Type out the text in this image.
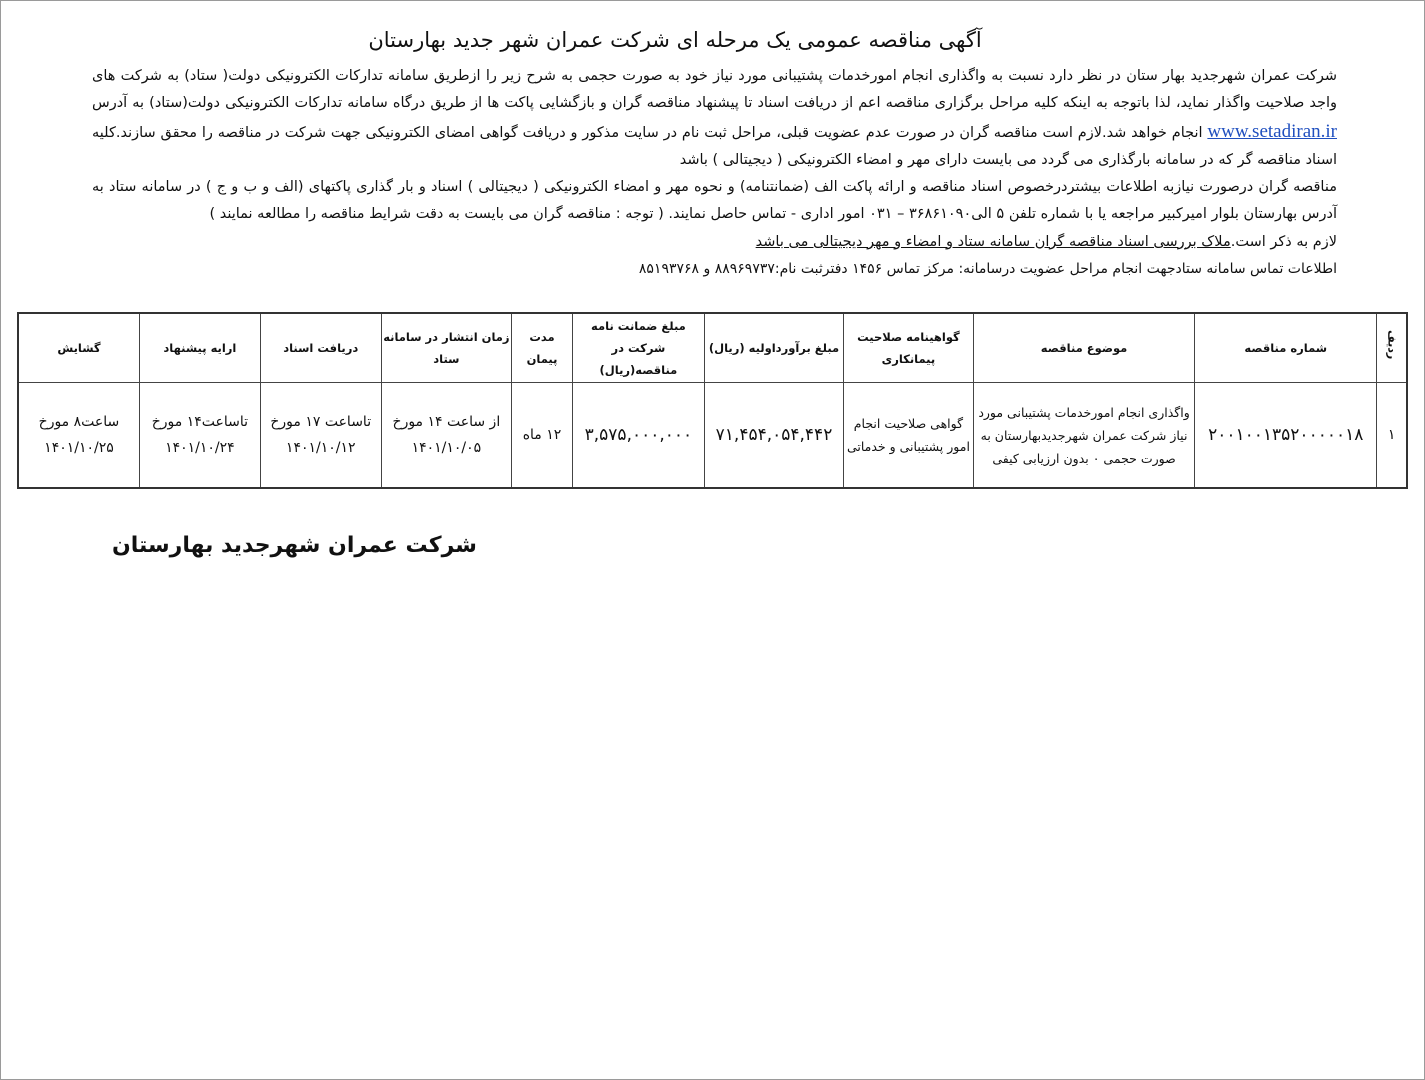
آگهی مناقصه عمومی یک مرحله ای شرکت عمران شهر جدید بهارستان

شرکت عمران شهرجدید بهار ستان در نظر دارد نسبت به واگذاری انجام امورخدمات پشتیبانی مورد نیاز خود به صورت حجمی به شرح زیر را ازطریق سامانه تدارکات الکترونیکی دولت( ستاد) به شرکت های واجد صلاحیت واگذار نماید، لذا باتوجه به اینکه کلیه مراحل برگزاری مناقصه اعم از دریافت اسناد تا پیشنهاد مناقصه گران و بازگشایی پاکت ها از طریق درگاه سامانه تدارکات الکترونیکی دولت(ستاد) به آدرس www.setadiran.ir انجام خواهد شد.لازم است مناقصه گران در صورت عدم عضویت قبلی، مراحل ثبت نام در سایت مذکور و دریافت گواهی امضای الکترونیکی جهت شرکت در مناقصه را محقق سازند.کلیه اسناد مناقصه گر که در سامانه بارگذاری می گردد می بایست دارای مهر و امضاء الکترونیکی ( دیجیتالی ) باشد

مناقصه گران درصورت نیازبه اطلاعات بیشتردرخصوص اسناد مناقصه و ارائه پاکت الف (ضمانتنامه) و نحوه مهر و امضاء الکترونیکی ( دیجیتالی ) اسناد و بار گذاری پاکتهای (الف و ب و ج ) در سامانه ستاد به آدرس بهارستان بلوار امیرکبیر مراجعه یا با شماره تلفن ۵ الی۳۶۸۶۱۰۹۰ – ۰۳۱ امور اداری - تماس حاصل نمایند. ( توجه : مناقصه گران می بایست به دقت شرایط مناقصه را مطالعه نمایند )

لازم به ذکر است.ملاک بررسی اسناد مناقصه گران سامانه ستاد و امضاء و مهر دیجیتالی می باشد

اطلاعات تماس سامانه ستادجهت انجام مراحل عضویت درسامانه: مرکز تماس ۱۴۵۶ دفترثبت نام:۸۸۹۶۹۷۳۷ و ۸۵۱۹۳۷۶۸
ردیف	شماره مناقصه	موضوع مناقصه	گواهینامه صلاحیت پیمانکاری	مبلغ برآورداولیه (ریال)	مبلغ ضمانت نامه شرکت در مناقصه(ریال)	مدت پیمان	زمان انتشار در سامانه ستاد	دریافت اسناد	ارایه پیشنهاد	گشایش
۱	۲۰۰۱۰۰۱۳۵۲۰۰۰۰۰۱۸	واگذاری انجام امورخدمات پشتیبانی مورد نیاز شرکت عمران شهرجدیدبهارستان به صورت حجمی ٠ بدون ارزیابی کیفی	گواهی صلاحیت انجام امور پشتیبانی و خدماتی	۷۱,۴۵۴,۰۵۴,۴۴۲	۳,۵۷۵,۰۰۰,۰۰۰	۱۲ ماه	از ساعت ۱۴ مورخ ۱۴۰۱/۱۰/۰۵	تاساعت ۱۷ مورخ ۱۴۰۱/۱۰/۱۲	تاساعت۱۴ مورخ ۱۴۰۱/۱۰/۲۴	ساعت۸ مورخ ۱۴۰۱/۱۰/۲۵
شرکت عمران شهرجدید بهارستان
